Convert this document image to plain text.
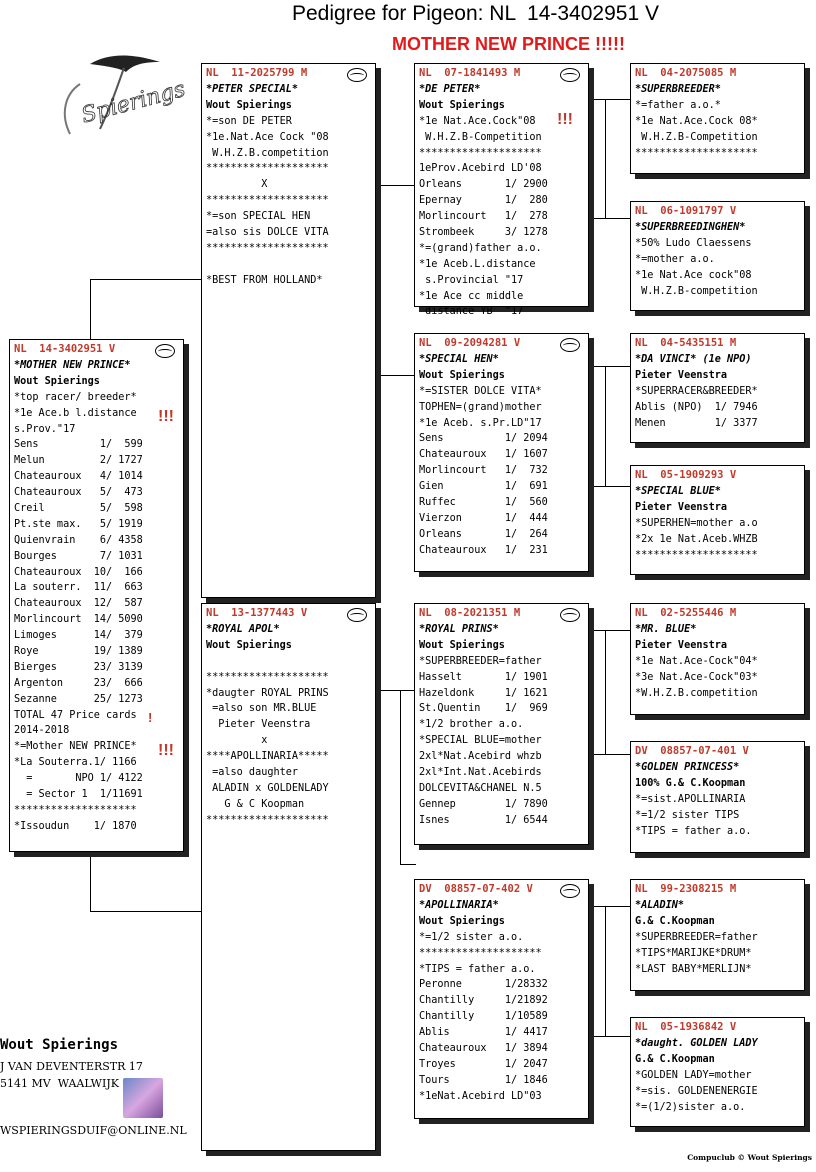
Pedigree for Pigeon: NL  14-3402951 V
MOTHER NEW PRINCE !!!!!
Spierings
NL  14-3402951 V
*MOTHER NEW PRINCE*
Wout Spierings
*top racer/ breeder*
*1e Ace.b l.distance
s.Prov."17
Sens          1/  599
Melun         2/ 1727
Chateauroux   4/ 1014
Chateauroux   5/  473
Creil         5/  598
Pt.ste max.   5/ 1919
Quienvrain    6/ 4358
Bourges       7/ 1031
Chateauroux  10/  166
La souterr.  11/  663
Chateauroux  12/  587
Morlincourt  14/ 5090
Limoges      14/  379
Roye         19/ 1389
Bierges      23/ 3139
Argenton     23/  666
Sezanne      25/ 1273
TOTAL 47 Price cards
2014-2018
*=Mother NEW PRINCE*
*La Souterra.1/ 1166
=       NPO 1/ 4122
= Sector 1  1/11691
********************
*Issoudun    1/ 1870
!!!
!
!!!
NL  11-2025799 M
*PETER SPECIAL*
Wout Spierings
*=son DE PETER
*1e.Nat.Ace Cock "08
W.H.Z.B.competition
********************
X
********************
*=son SPECIAL HEN
=also sis DOLCE VITA
********************
*BEST FROM HOLLAND*
NL  13-1377443 V
*ROYAL APOL*
Wout Spierings
********************
*daugter ROYAL PRINS
=also son MR.BLUE
Pieter Veenstra
x
****APOLLINARIA*****
=also daughter
ALADIN x GOLDENLADY
G & C Koopman
********************
NL  07-1841493 M
*DE PETER*
Wout Spierings
*1e Nat.Ace.Cock"08
W.H.Z.B-Competition
********************
1eProv.Acebird LD'08
Orleans       1/ 2900
Epernay       1/  280
Morlincourt   1/  278
Strombeek     3/ 1278
*=(grand)father a.o.
*1e Aceb.L.distance
s.Provincial "17
*1e Ace cc middle
distance YB  "17
!!!
NL  09-2094281 V
*SPECIAL HEN*
Wout Spierings
*=SISTER DOLCE VITA*
TOPHEN=(grand)mother
*1e Aceb. s.Pr.LD"17
Sens          1/ 2094
Chateauroux   1/ 1607
Morlincourt   1/  732
Gien          1/  691
Ruffec        1/  560
Vierzon       1/  444
Orleans       1/  264
Chateauroux   1/  231
NL  08-2021351 M
*ROYAL PRINS*
Wout Spierings
*SUPERBREEDER=father
Hasselt       1/ 1901
Hazeldonk     1/ 1621
St.Quentin    1/  969
*1/2 brother a.o.
*SPECIAL BLUE=mother
2xl*Nat.Acebird whzb
2xl*Int.Nat.Acebirds
DOLCEVITA&CHANEL N.5
Gennep        1/ 7890
Isnes         1/ 6544
DV  08857-07-402 V
*APOLLINARIA*
Wout Spierings
*=1/2 sister a.o.
********************
*TIPS = father a.o.
Peronne       1/28332
Chantilly     1/21892
Chantilly     1/10589
Ablis         1/ 4417
Chateauroux   1/ 3894
Troyes        1/ 2047
Tours         1/ 1846
*1eNat.Acebird LD"03
NL  04-2075085 M
*SUPERBREEDER*
*=father a.o.*
*1e Nat.Ace.Cock 08*
W.H.Z.B-Competition
********************
NL  06-1091797 V
*SUPERBREEDINGHEN*
*50% Ludo Claessens
*=mother a.o.
*1e Nat.Ace cock"08
W.H.Z.B-competition
NL  04-5435151 M
*DA VINCI* (1e NPO)
Pieter Veenstra
*SUPERRACER&BREEDER*
Ablis (NPO)  1/ 7946
Menen        1/ 3377
NL  05-1909293 V
*SPECIAL BLUE*
Pieter Veenstra
*SUPERHEN=mother a.o
*2x 1e Nat.Aceb.WHZB
********************
NL  02-5255446 M
*MR. BLUE*
Pieter Veenstra
*1e Nat.Ace-Cock"04*
*3e Nat.Ace-Cock"03*
*W.H.Z.B.competition
DV  08857-07-401 V
*GOLDEN PRINCESS*
100% G.& C.Koopman
*=sist.APOLLINARIA
*=1/2 sister TIPS
*TIPS = father a.o.
NL  99-2308215 M
*ALADIN*
G.& C.Koopman
*SUPERBREEDER=father
*TIPS*MARIJKE*DRUM*
*LAST BABY*MERLIJN*
NL  05-1936842 V
*daught. GOLDEN LADY
G.& C.Koopman
*GOLDEN LADY=mother
*=sis. GOLDENENERGIE
*=(1/2)sister a.o.
Wout Spierings
J VAN DEVENTERSTR 17
5141 MV  WAALWIJK
WSPIERINGSDUIF@ONLINE.NL
Compuclub © Wout Spierings
